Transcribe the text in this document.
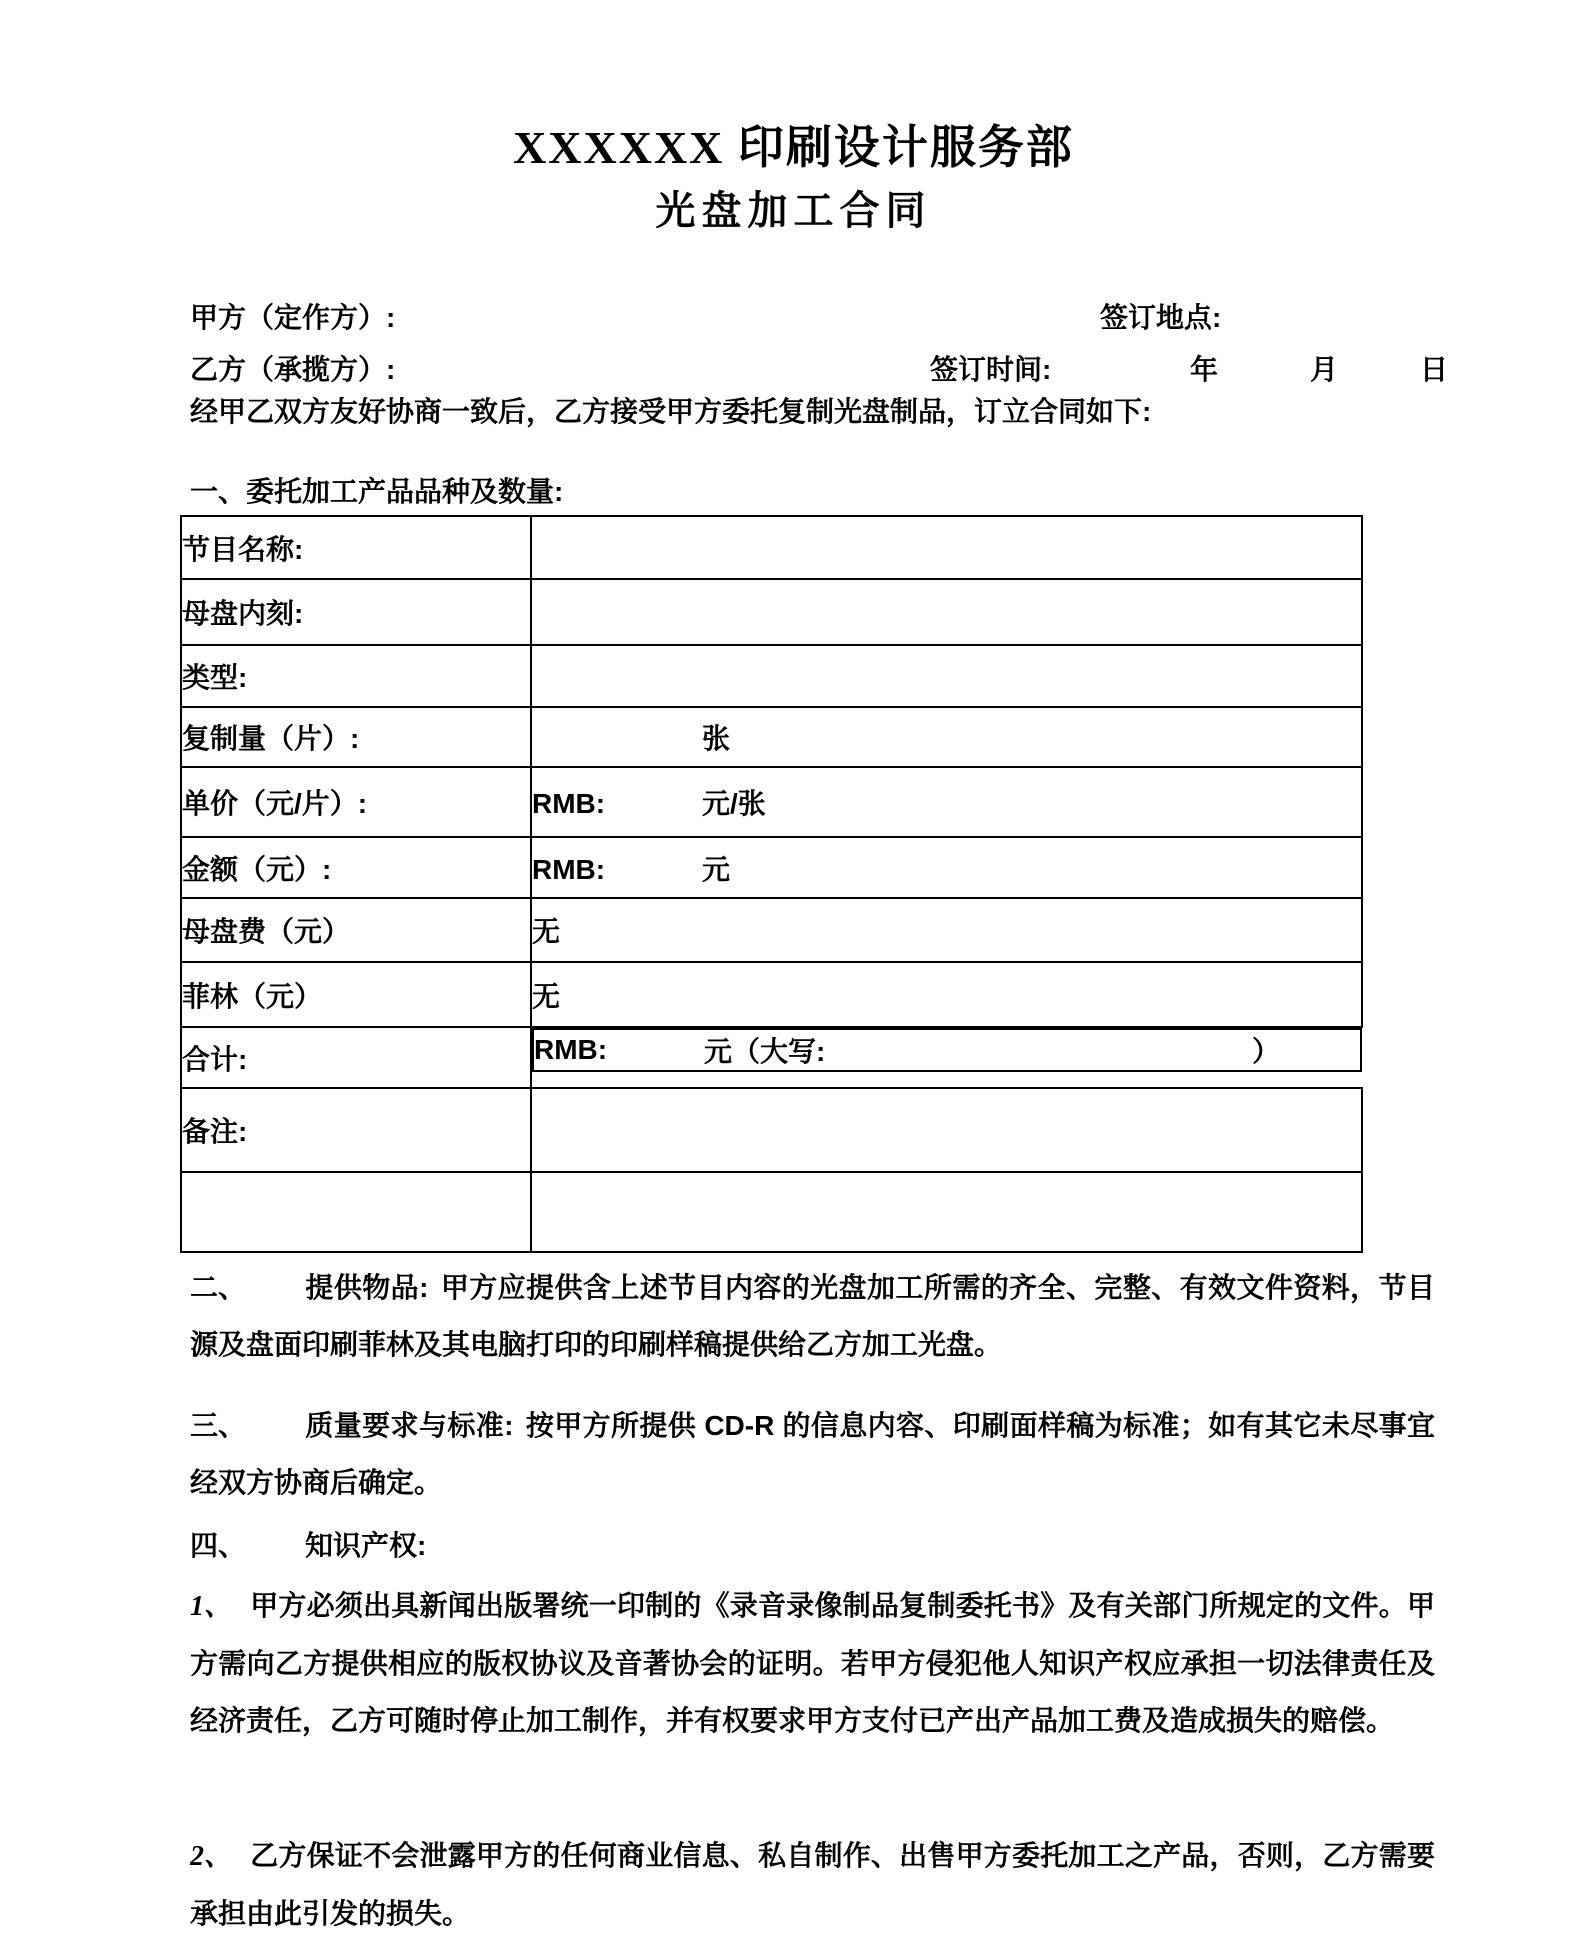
XXXXXX 印刷设计服务部
光盘加工合同
甲方（定作方）:	签订地点:
乙方（承揽方）:	签订时间:	年	月	日
经甲乙双方友好协商一致后，乙方接受甲方委托复制光盘制品，订立合同如下:
一、委托加工产品品种及数量:
节目名称:	
母盘内刻:	
类型:	
复制量（片）:	张
单价（元/片）:	RMB: 元/张
金额（元）:	RMB: 元
母盘费（元）	无
菲林（元）	无
合计:		RMB:	元（大写:	）

备注:	

二、 提供物品: 甲方应提供含上述节目内容的光盘加工所需的齐全、完整、有效文件资料，节目源及盘面印刷菲林及其电脑打印的印刷样稿提供给乙方加工光盘。
三、 质量要求与标准: 按甲方所提供 CD-R 的信息内容、印刷面样稿为标准；如有其它未尽事宜经双方协商后确定。
四、 知识产权:
1、 甲方必须出具新闻出版署统一印制的《录音录像制品复制委托书》及有关部门所规定的文件。甲方需向乙方提供相应的版权协议及音著协会的证明。若甲方侵犯他人知识产权应承担一切法律责任及经济责任，乙方可随时停止加工制作，并有权要求甲方支付已产出产品加工费及造成损失的赔偿。
2、 乙方保证不会泄露甲方的任何商业信息、私自制作、出售甲方委托加工之产品，否则，乙方需要承担由此引发的损失。
